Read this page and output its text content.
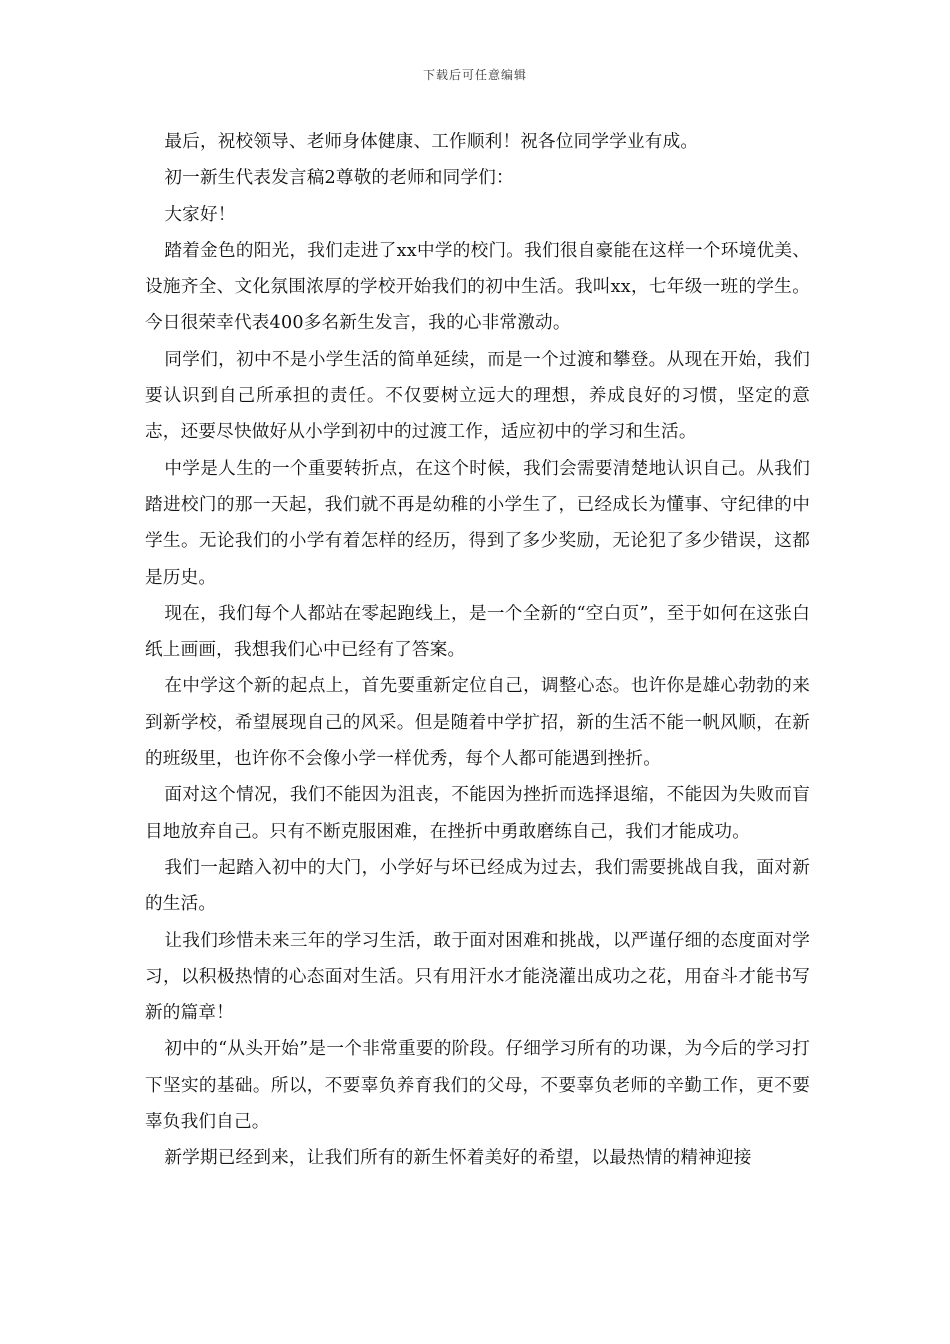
下载后可任意编辑

最后，祝校领导、老师身体健康、工作顺利！祝各位同学学业有成。

初一新生代表发言稿2尊敬的老师和同学们：

大家好！

踏着金色的阳光，我们走进了xx中学的校门。我们很自豪能在这样一个环境优美、设施齐全、文化氛围浓厚的学校开始我们的初中生活。我叫xx，七年级一班的学生。今日很荣幸代表400多名新生发言，我的心非常激动。

同学们，初中不是小学生活的简单延续，而是一个过渡和攀登。从现在开始，我们要认识到自己所承担的责任。不仅要树立远大的理想，养成良好的习惯，坚定的意志，还要尽快做好从小学到初中的过渡工作，适应初中的学习和生活。

中学是人生的一个重要转折点，在这个时候，我们会需要清楚地认识自己。从我们踏进校门的那一天起，我们就不再是幼稚的小学生了，已经成长为懂事、守纪律的中学生。无论我们的小学有着怎样的经历，得到了多少奖励，无论犯了多少错误，这都是历史。

现在，我们每个人都站在零起跑线上，是一个全新的“空白页”，至于如何在这张白纸上画画，我想我们心中已经有了答案。

在中学这个新的起点上，首先要重新定位自己，调整心态。也许你是雄心勃勃的来到新学校，希望展现自己的风采。但是随着中学扩招，新的生活不能一帆风顺，在新的班级里，也许你不会像小学一样优秀，每个人都可能遇到挫折。

面对这个情况，我们不能因为沮丧，不能因为挫折而选择退缩，不能因为失败而盲目地放弃自己。只有不断克服困难，在挫折中勇敢磨练自己，我们才能成功。

我们一起踏入初中的大门，小学好与坏已经成为过去，我们需要挑战自我，面对新的生活。

让我们珍惜未来三年的学习生活，敢于面对困难和挑战，以严谨仔细的态度面对学习，以积极热情的心态面对生活。只有用汗水才能浇灌出成功之花，用奋斗才能书写新的篇章！

初中的“从头开始”是一个非常重要的阶段。仔细学习所有的功课，为今后的学习打下坚实的基础。所以，不要辜负养育我们的父母，不要辜负老师的辛勤工作，更不要辜负我们自己。

新学期已经到来，让我们所有的新生怀着美好的希望，以最热情的精神迎接
